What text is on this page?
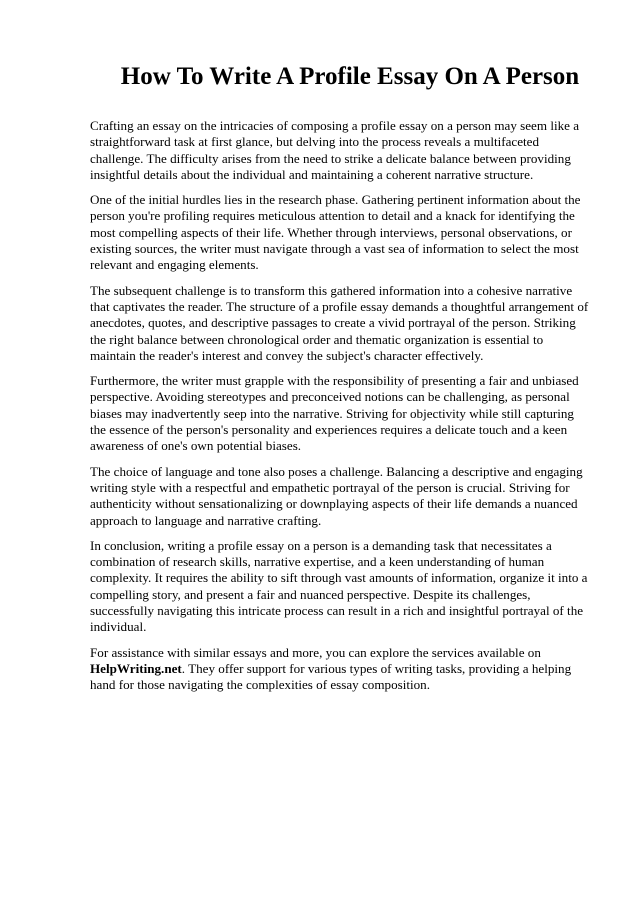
How To Write A Profile Essay On A Person

Crafting an essay on the intricacies of composing a profile essay on a person may seem like a straightforward task at first glance, but delving into the process reveals a multifaceted challenge. The difficulty arises from the need to strike a delicate balance between providing insightful details about the individual and maintaining a coherent narrative structure.

One of the initial hurdles lies in the research phase. Gathering pertinent information about the person you're profiling requires meticulous attention to detail and a knack for identifying the most compelling aspects of their life. Whether through interviews, personal observations, or existing sources, the writer must navigate through a vast sea of information to select the most relevant and engaging elements.

The subsequent challenge is to transform this gathered information into a cohesive narrative that captivates the reader. The structure of a profile essay demands a thoughtful arrangement of anecdotes, quotes, and descriptive passages to create a vivid portrayal of the person. Striking the right balance between chronological order and thematic organization is essential to maintain the reader's interest and convey the subject's character effectively.

Furthermore, the writer must grapple with the responsibility of presenting a fair and unbiased perspective. Avoiding stereotypes and preconceived notions can be challenging, as personal biases may inadvertently seep into the narrative. Striving for objectivity while still capturing the essence of the person's personality and experiences requires a delicate touch and a keen awareness of one's own potential biases.

The choice of language and tone also poses a challenge. Balancing a descriptive and engaging writing style with a respectful and empathetic portrayal of the person is crucial. Striving for authenticity without sensationalizing or downplaying aspects of their life demands a nuanced approach to language and narrative crafting.

In conclusion, writing a profile essay on a person is a demanding task that necessitates a combination of research skills, narrative expertise, and a keen understanding of human complexity. It requires the ability to sift through vast amounts of information, organize it into a compelling story, and present a fair and nuanced perspective. Despite its challenges, successfully navigating this intricate process can result in a rich and insightful portrayal of the individual.

For assistance with similar essays and more, you can explore the services available on HelpWriting.net. They offer support for various types of writing tasks, providing a helping hand for those navigating the complexities of essay composition.
